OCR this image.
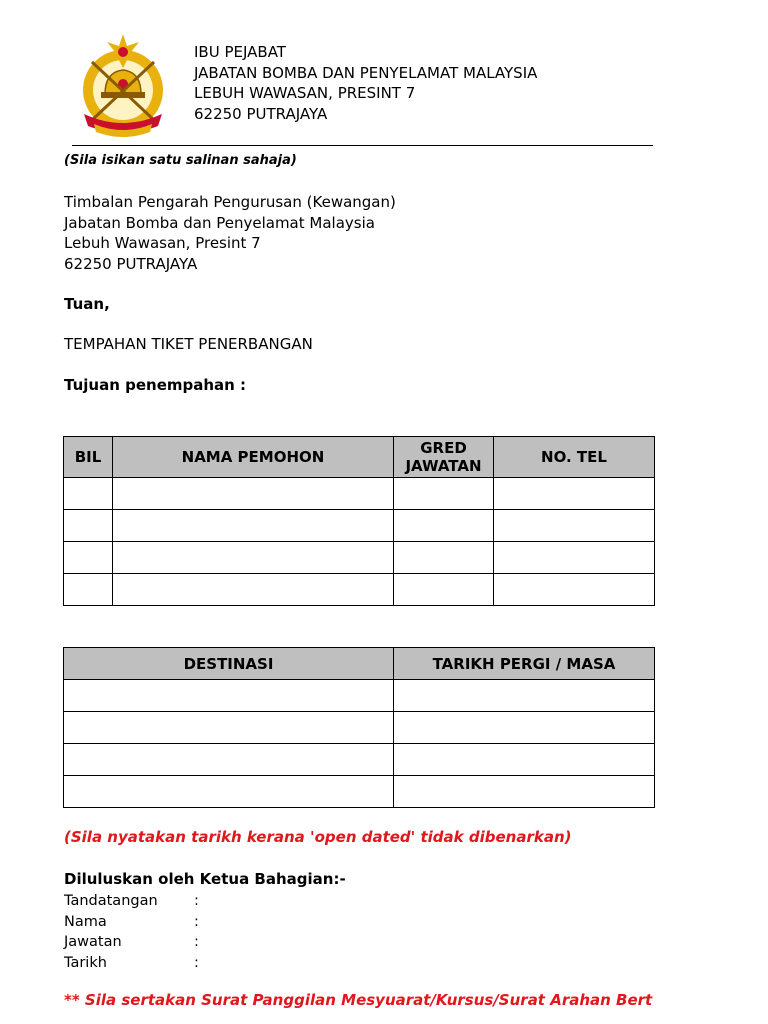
IBU PEJABAT
JABATAN BOMBA DAN PENYELAMAT MALAYSIA
LEBUH WAWASAN, PRESINT 7
62250 PUTRAJAYA
(Sila isikan satu salinan sahaja)
Timbalan Pengarah Pengurusan (Kewangan)
Jabatan Bomba dan Penyelamat Malaysia
Lebuh Wawasan, Presint 7
62250 PUTRAJAYA
Tuan,
TEMPAHAN TIKET PENERBANGAN
Tujuan penempahan :
BIL	NAMA PEMOHON	GRED JAWATAN	NO. TEL

DESTINASI	TARIKH PERGI / MASA

(Sila nyatakan tarikh kerana 'open dated' tidak dibenarkan)
Diluluskan oleh Ketua Bahagian:-
Tandatangan	:
Nama	:
Jawatan	:
Tarikh	:
** Sila sertakan Surat Panggilan Mesyuarat/Kursus/Surat Arahan Bert
